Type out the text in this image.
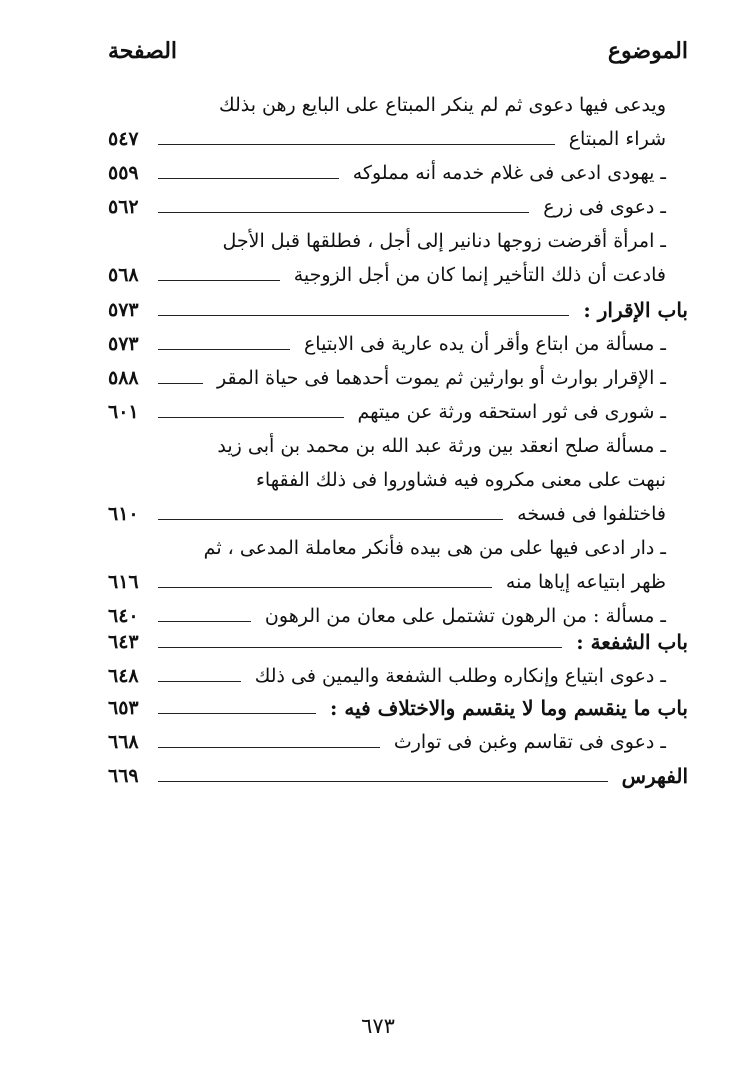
الموضوع
الصفحة
ويدعى فيها دعوى ثم لم ينكر المبتاع على البايع رهن بذلك
شراء المبتاع
٥٤٧
ـ يهودى ادعى فى غلام خدمه أنه مملوكه
٥٥٩
ـ دعوى فى زرع
٥٦٢
ـ امرأة أقرضت زوجها دنانير إلى أجل ، فطلقها قبل الأجل
فادعت أن ذلك التأخير إنما كان من أجل الزوجية
٥٦٨
باب الإقرار :
٥٧٣
ـ مسألة من ابتاع وأقر أن يده عارية فى الابتياع
٥٧٣
ـ الإقرار بوارث أو بوارثين ثم يموت أحدهما فى حياة المقر
٥٨٨
ـ شورى فى ثور استحقه ورثة عن ميتهم
٦٠١
ـ مسألة صلح انعقد بين ورثة عبد الله بن محمد بن أبى زيد
نبهت على معنى مكروه فيه فشاوروا فى ذلك الفقهاء
فاختلفوا فى فسخه
٦١٠
ـ دار ادعى فيها على من هى بيده فأنكر معاملة المدعى ، ثم
ظهر ابتياعه إياها منه
٦١٦
ـ مسألة : من الرهون تشتمل على معان من الرهون
٦٤٠
باب الشفعة :
٦٤٣
ـ دعوى ابتياع وإنكاره وطلب الشفعة واليمين فى ذلك
٦٤٨
باب ما ينقسم وما لا ينقسم والاختلاف فيه :
٦٥٣
ـ دعوى فى تقاسم وغبن فى توارث
٦٦٨
الفهرس
٦٦٩
٦٧٣
